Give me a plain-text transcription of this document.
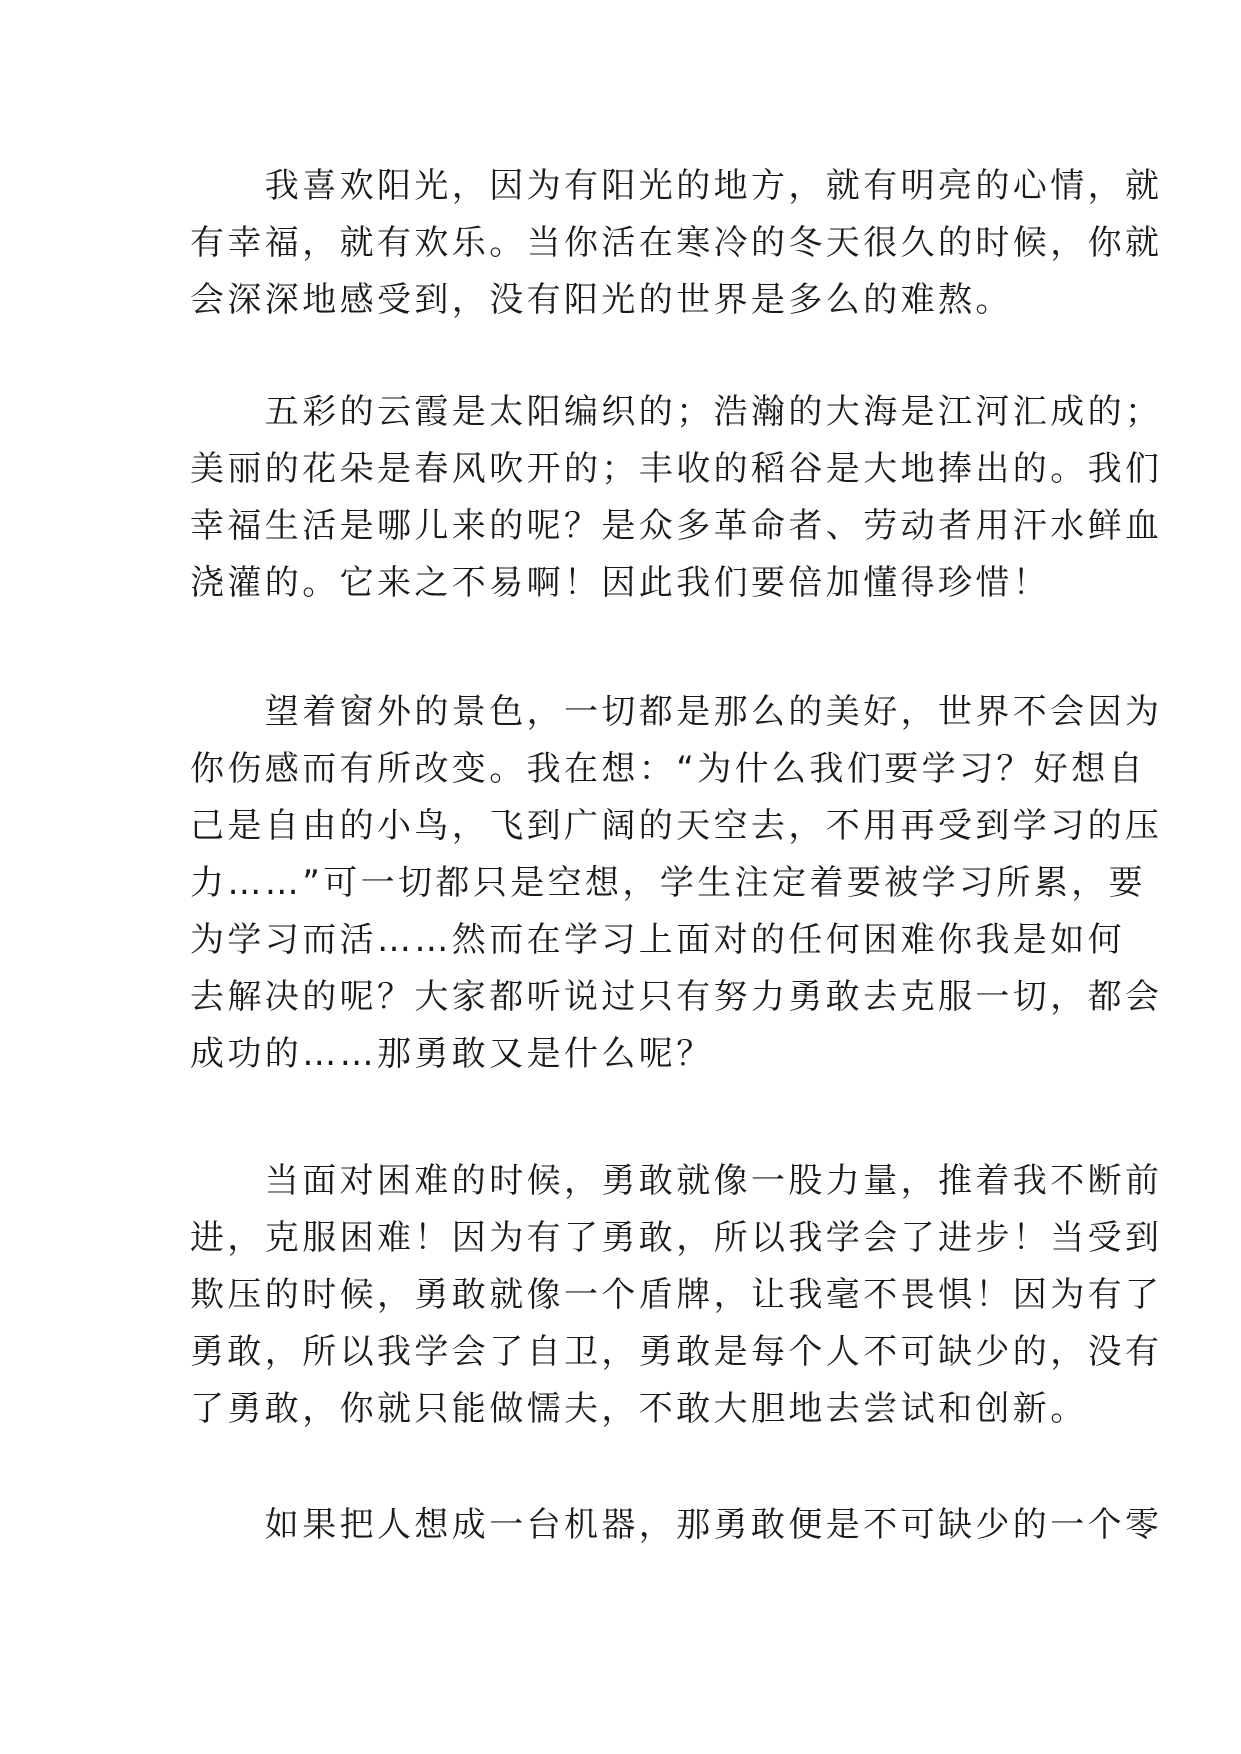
　　我喜欢阳光，因为有阳光的地方，就有明亮的心情，就
有幸福，就有欢乐。当你活在寒冷的冬天很久的时候，你就
会深深地感受到，没有阳光的世界是多么的难熬。
　　五彩的云霞是太阳编织的；浩瀚的大海是江河汇成的；
美丽的花朵是春风吹开的；丰收的稻谷是大地捧出的。我们
幸福生活是哪儿来的呢？是众多革命者、劳动者用汗水鲜血
浇灌的。它来之不易啊！因此我们要倍加懂得珍惜！
　　望着窗外的景色，一切都是那么的美好，世界不会因为
你伤感而有所改变。我在想：“为什么我们要学习？好想自
己是自由的小鸟，飞到广阔的天空去，不用再受到学习的压
力……”可一切都只是空想，学生注定着要被学习所累，要
为学习而活……然而在学习上面对的任何困难你我是如何
去解决的呢？大家都听说过只有努力勇敢去克服一切，都会
成功的……那勇敢又是什么呢？
　　当面对困难的时候，勇敢就像一股力量，推着我不断前
进，克服困难！因为有了勇敢，所以我学会了进步！当受到
欺压的时候，勇敢就像一个盾牌，让我毫不畏惧！因为有了
勇敢，所以我学会了自卫，勇敢是每个人不可缺少的，没有
了勇敢，你就只能做懦夫，不敢大胆地去尝试和创新。
　　如果把人想成一台机器，那勇敢便是不可缺少的一个零
